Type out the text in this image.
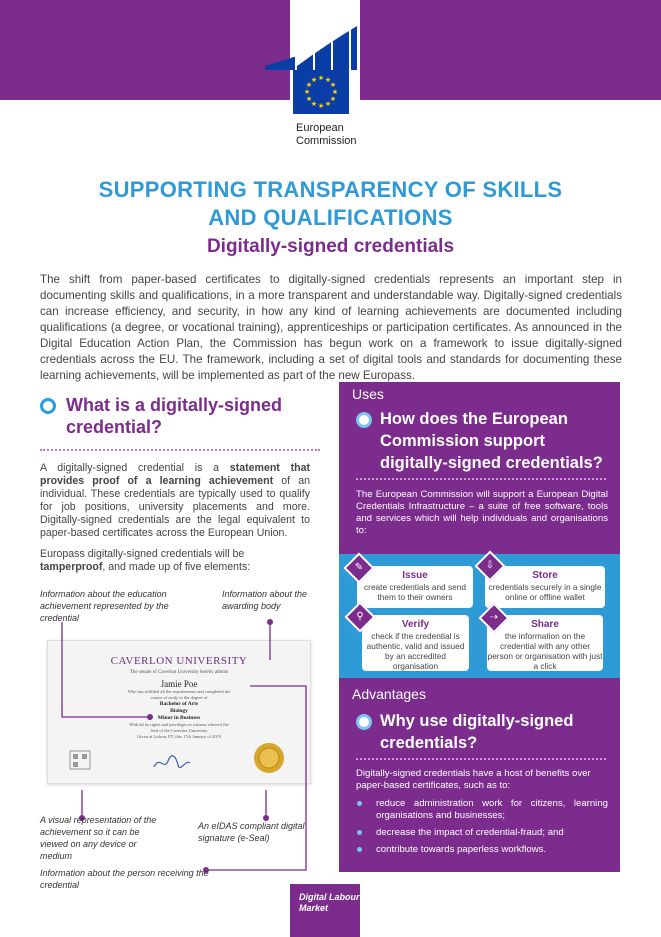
★ ★
★
★
★
★
★
★
★
★
★
★
European
Commission
SUPPORTING TRANSPARENCY OF SKILLS
AND QUALIFICATIONS
Digitally-signed credentials

The shift from paper-based certificates to digitally-signed credentials represents an important step in documenting skills and qualifications, in a more transparent and understandable way. Digitally-signed credentials can increase efficiency, and security, in how any kind of learning achievements are documented including qualifications (a degree, or vocational training), apprenticeships or participation certificates. As announced in the Digital Education Action Plan, the Commission has begun work on a framework to issue digitally-signed credentials across the EU. The framework, including a set of digital tools and standards for documenting these learning achievements, will be implemented as part of the new Europass.

What is a digitally-signed credential?

A digitally-signed credential is a statement that provides proof of a learning achievement of an individual. These credentials are typically used to qualify for job positions, university placements and more. Digitally-signed credentials are the legal equivalent to paper-based certificates across the European Union.

Europass digitally-signed credentials will be tamperproof, and made up of five elements:

Information about the education achievement represented by the credential
Information about the awarding body
CAVERLON UNIVERSITY
The senate of Caverlon University hereby admits
Jamie Poe
Who has fulfilled all the requirements and completed the
course of study to the degree of
Bachelor of Arts
Biology
Minor in Business
With all its rights and privileges in witness whereof the
Seal of the Caverlon University
Given at Lisbon, PT, this 17th January of 2019
A visual representation of the achievement so it can be viewed on any device or medium
An eIDAS compliant digital signature (e-Seal)
Information about the person receiving the credential
Uses
How does the European Commission support digitally-signed credentials?

The European Commission will support a European Digital Credentials Infrastructure – a suite of free software, tools and services which will help individuals and organisations to:

Issue
create credentials and send them to their owners
✎
Store
credentials securely in a single online or offline wallet
⇩
Verify
check if the credential is authentic, valid and issued by an accredited organisation
⚲
Share
the information on the credential with any other person or organisation with just a click
⇢
Advantages
Why use digitally-signed credentials?

Digitally-signed credentials have a host of benefits over paper-based certificates, such as to:

reduce administration work for citizens, learning organisations and businesses;
decrease the impact of credential-fraud; and
contribute towards paperless workflows.
Digital Labour
Market
